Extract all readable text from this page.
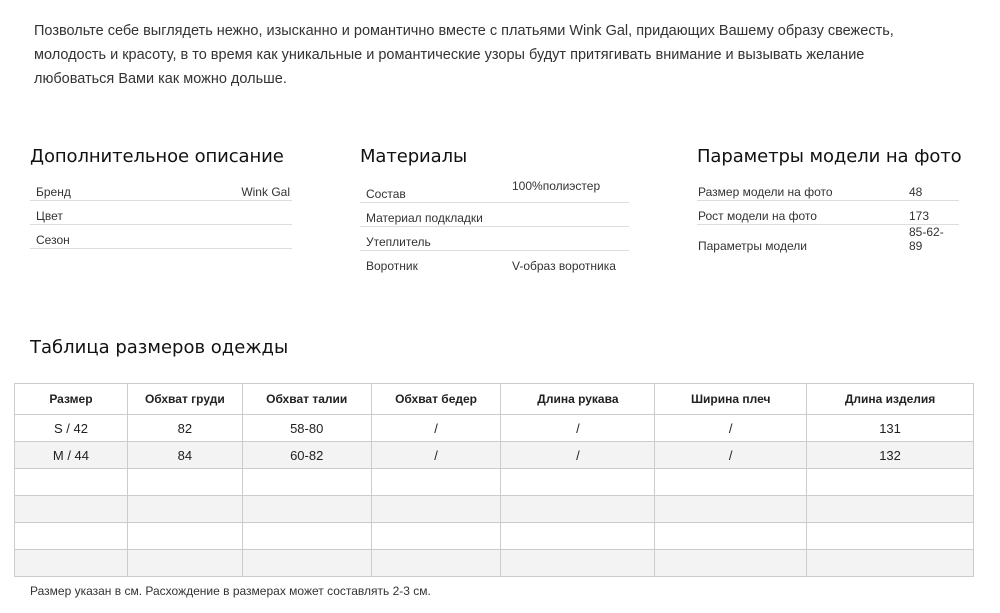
Позвольте себе выглядеть нежно, изысканно и романтично вместе с платьями Wink Gal, придающих Вашему образу свежесть, молодость и красоту, в то время как уникальные и романтические узоры будут притягивать внимание и вызывать желание любоваться Вами как можно дольше.
Дополнительное описание
Бренд	Wink Gal
Цвет	
Сезон	
Материалы
Состав	100%полиэстер
Материал подкладки	
Утеплитель	
Воротник	V-образ воротника
Параметры модели на фото
Размер модели на фото	48
Рост модели на фото	173
Параметры модели	85-62-89
Таблица размеров одежды
Размер	Обхват груди	Обхват талии	Обхват бедер	Длина рукава	Ширина плеч	Длина изделия
S / 42	82	58-80	/	/	/	131
M / 44	84	60-82	/	/	/	132

Размер указан в см. Расхождение в размерах может составлять 2-3 см.
